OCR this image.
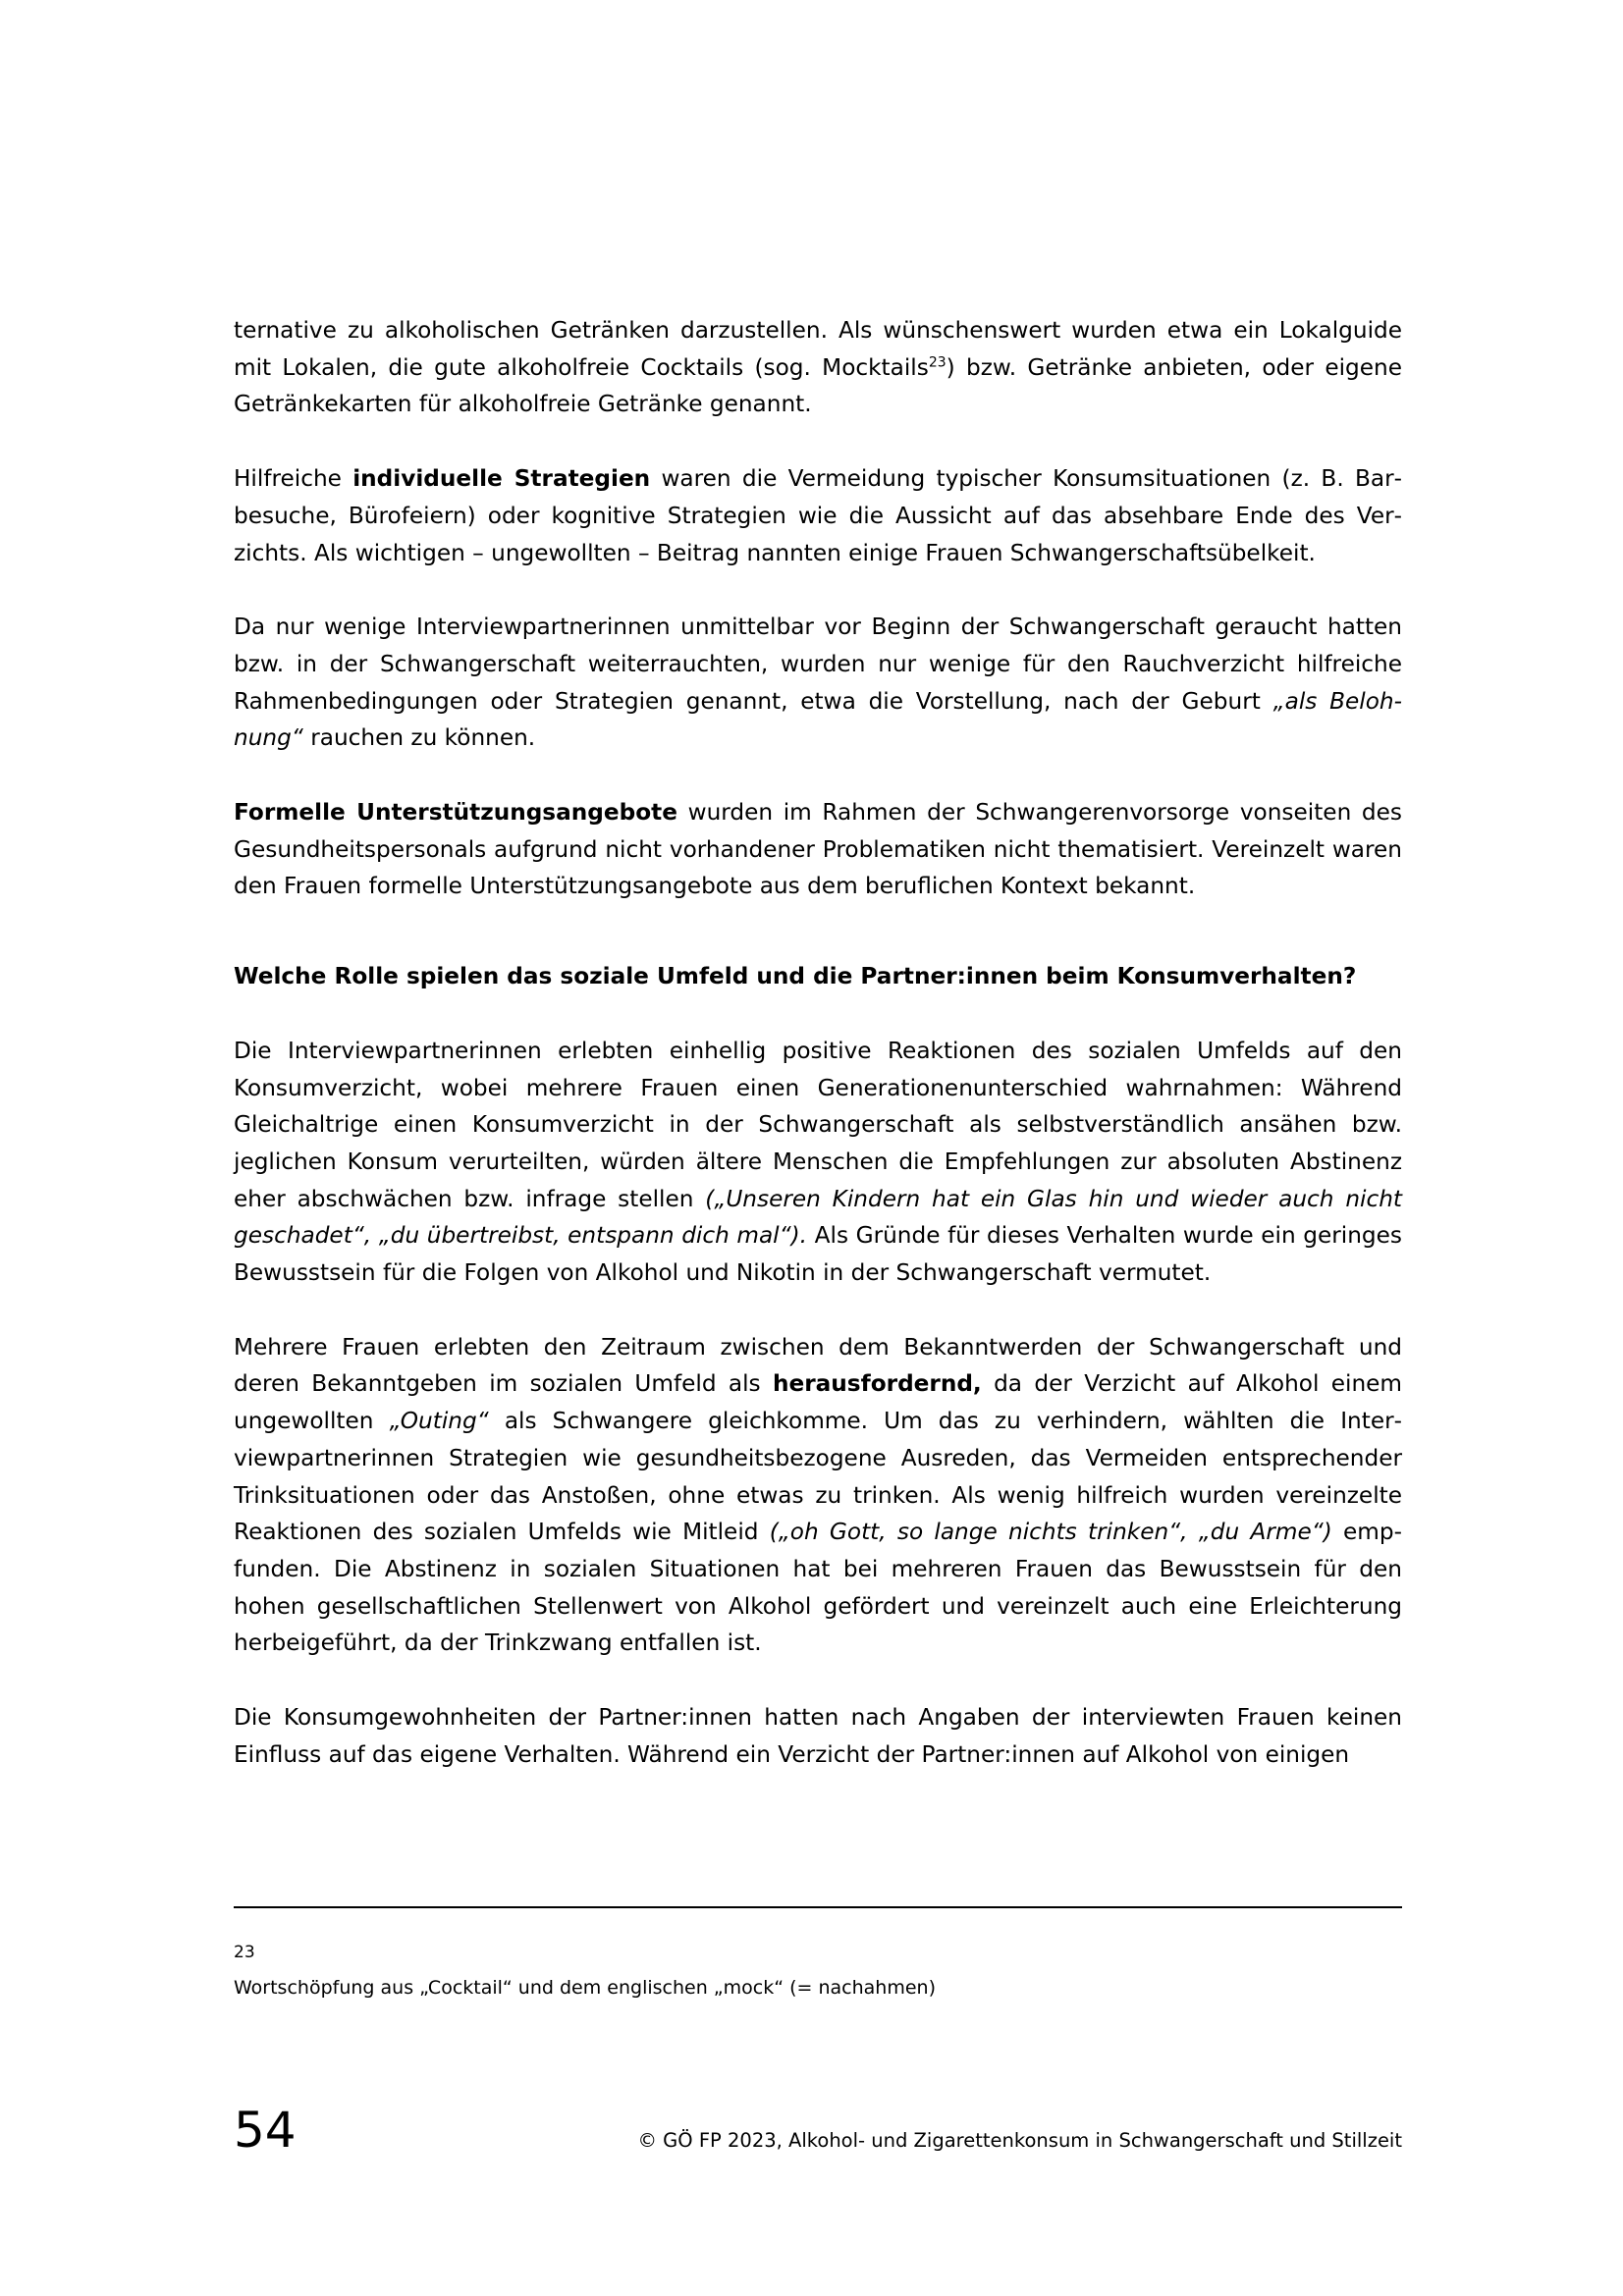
ternative zu alkoholischen Getränken darzustellen. Als wünschenswert wurden etwa ein Lokalguide mit Lokalen, die gute alkoholfreie Cocktails (sog. Mocktails$^{23}$) bzw. Getränke anbieten, oder eigene Getränkekarten für alkoholfreie Getränke genannt.

Hilfreiche individuelle Strategien waren die Vermeidung typischer Konsumsituationen (z. B. Barbesuche, Bürofeiern) oder kognitive Strategien wie die Aussicht auf das absehbare Ende des Verzichts. Als wichtigen – ungewollten – Beitrag nannten einige Frauen Schwangerschaftsübelkeit.

Da nur wenige Interviewpartnerinnen unmittelbar vor Beginn der Schwangerschaft geraucht hatten bzw. in der Schwangerschaft weiterrauchten, wurden nur wenige für den Rauchverzicht hilfreiche Rahmenbedingungen oder Strategien genannt, etwa die Vorstellung, nach der Geburt „als Belohnung“ rauchen zu können.

Formelle Unterstützungsangebote wurden im Rahmen der Schwangerenvorsorge vonseiten des Gesundheitspersonals aufgrund nicht vorhandener Problematiken nicht thematisiert. Vereinzelt waren den Frauen formelle Unterstützungsangebote aus dem beruflichen Kontext bekannt.

Welche Rolle spielen das soziale Umfeld und die Partner:innen beim Konsumverhalten?

Die Interviewpartnerinnen erlebten einhellig positive Reaktionen des sozialen Umfelds auf den Konsumverzicht, wobei mehrere Frauen einen Generationenunterschied wahrnahmen: Während Gleichaltrige einen Konsumverzicht in der Schwangerschaft als selbstverständlich ansähen bzw. jeglichen Konsum verurteilten, würden ältere Menschen die Empfehlungen zur absoluten Abstinenz eher abschwächen bzw. infrage stellen („Unseren Kindern hat ein Glas hin und wieder auch nicht geschadet“, „du übertreibst, entspann dich mal“). Als Gründe für dieses Verhalten wurde ein geringes Bewusstsein für die Folgen von Alkohol und Nikotin in der Schwangerschaft vermutet.

Mehrere Frauen erlebten den Zeitraum zwischen dem Bekanntwerden der Schwangerschaft und deren Bekanntgeben im sozialen Umfeld als herausfordernd, da der Verzicht auf Alkohol einem ungewollten „Outing“ als Schwangere gleichkomme. Um das zu verhindern, wählten die Interviewpartnerinnen Strategien wie gesundheitsbezogene Ausreden, das Vermeiden entsprechender Trinksituationen oder das Anstoßen, ohne etwas zu trinken. Als wenig hilfreich wurden vereinzelte Reaktionen des sozialen Umfelds wie Mitleid („oh Gott, so lange nichts trinken“, „du Arme“) empfunden. Die Abstinenz in sozialen Situationen hat bei mehreren Frauen das Bewusstsein für den hohen gesellschaftlichen Stellenwert von Alkohol gefördert und vereinzelt auch eine Erleichterung herbeigeführt, da der Trinkzwang entfallen ist.

Die Konsumgewohnheiten der Partner:innen hatten nach Angaben der interviewten Frauen keinen Einfluss auf das eigene Verhalten. Während ein Verzicht der Partner:innen auf Alkohol von einigen

23
Wortschöpfung aus „Cocktail“ und dem englischen „mock“ (= nachahmen)
54	© GÖ FP 2023, Alkohol- und Zigarettenkonsum in Schwangerschaft und Stillzeit
